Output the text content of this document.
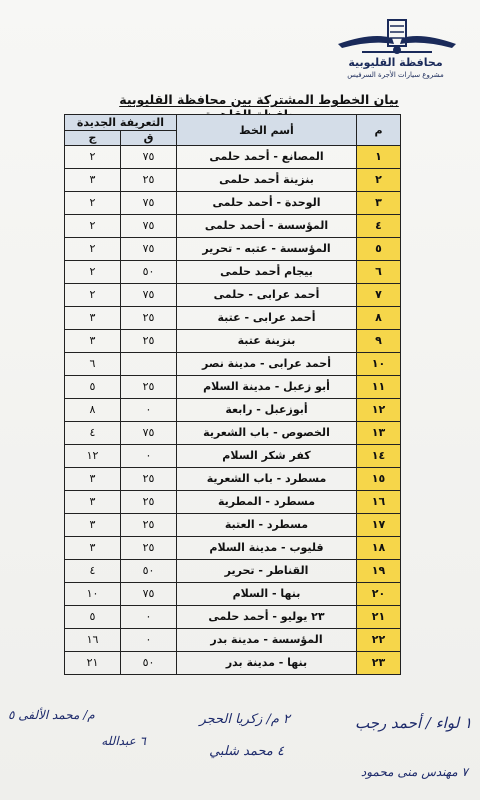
محافظة القليوبية
مشروع سيارات الأجرة السرفيس
بيان الخطوط المشتركة بين محافظة القليوبية
م	أسم الخط	التعريفة الجديدة	
		ق	ج
١	المصانع - أحمد حلمى	٧٥	٢
٢	بنزينة أحمد حلمى	٢٥	٣
٣	الوحدة - أحمد حلمى	٧٥	٢
٤	المؤسسة - أحمد حلمى	٧٥	٢
٥	المؤسسة - عتبه - تحرير	٧٥	٢
٦	بيجام أحمد حلمى	٥٠	٢
٧	أحمد عرابى - حلمى	٧٥	٢
٨	أحمد عرابى - عتبة	٢٥	٣
٩	بنزينة عتبة	٢٥	٣
١٠	أحمد عرابى - مدينة نصر		٦
١١	أبو زعبل - مدينة السلام	٢٥	٥
١٢	أبوزعبل - رابعة	٠	٨
١٣	الخصوص - باب الشعرية	٧٥	٤
١٤	كفر شكر السلام	٠	١٢
١٥	مسطرد - باب الشعرية	٢٥	٣
١٦	مسطرد - المطرية	٢٥	٣
١٧	مسطرد - العتبة	٢٥	٣
١٨	قليوب - مدينة السلام	٢٥	٣
١٩	القناطر - تحرير	٥٠	٤
٢٠	بنها - السلام	٧٥	١٠
٢١	٢٣ يوليو - أحمد حلمى	٠	٥
٢٢	المؤسسة - مدينة بدر	٠	١٦
٢٣	بنها - مدينة بدر	٥٠	٢١
١ لواء / أحمد رجب
٢ م/ زكريا الحجر
م/ محمد الألفى ٥
٤ محمد شلبي
٦ عبدالله
٧ مهندس منى محمود
